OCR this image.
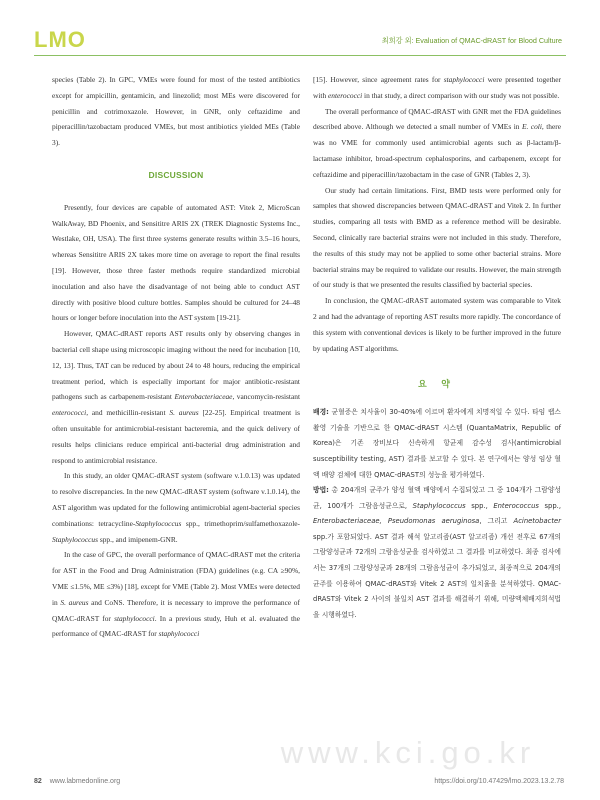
LMO	최희강 외: Evaluation of QMAC-dRAST for Blood Culture

species (Table 2). In GPC, VMEs were found for most of the tested antibiotics except for ampicillin, gentamicin, and linezolid; most MEs were discovered for penicillin and cotrimoxazole. However, in GNR, only ceftazidime and piperacillin/tazobactam produced VMEs, but most antibiotics yielded MEs (Table 3).

DISCUSSION

Presently, four devices are capable of automated AST: Vitek 2, MicroScan WalkAway, BD Phoenix, and Sensititre ARIS 2X (TREK Diagnostic Systems Inc., Westlake, OH, USA). The first three systems generate results within 3.5–16 hours, whereas Sensititre ARIS 2X takes more time on average to report the final results [19]. However, those three faster methods require standardized microbial inoculation and also have the disadvantage of not being able to conduct AST directly with positive blood culture bottles. Samples should be cultured for 24–48 hours or longer before inoculation into the AST system [19-21].

However, QMAC-dRAST reports AST results only by observing changes in bacterial cell shape using microscopic imaging without the need for incubation [10, 12, 13]. Thus, TAT can be reduced by about 24 to 48 hours, reducing the empirical treatment period, which is especially important for major antibiotic-resistant pathogens such as carbapenem-resistant Enterobacteriaceae, vancomycin-resistant enterococci, and methicillin-resistant S. aureus [22-25]. Empirical treatment is often unsuitable for antimicrobial-resistant bacteremia, and the quick delivery of results helps clinicians reduce empirical anti-bacterial drug administration and respond to antimicrobial resistance.

In this study, an older QMAC-dRAST system (software v.1.0.13) was updated to resolve discrepancies. In the new QMAC-dRAST system (software v.1.0.14), the AST algorithm was updated for the following antimicrobial agent-bacterial species combinations: tetracycline-Staphylococcus spp., trimethoprim/sulfamethoxazole-Staphylococcus spp., and imipenem-GNR.

In the case of GPC, the overall performance of QMAC-dRAST met the criteria for AST in the Food and Drug Administration (FDA) guidelines (e.g. CA ≥90%, VME ≤1.5%, ME ≤3%) [18], except for VME (Table 2). Most VMEs were detected in S. aureus and CoNS. Therefore, it is necessary to improve the performance of QMAC-dRAST for staphylococci. In a previous study, Huh et al. evaluated the performance of QMAC-dRAST for staphylococci

[15]. However, since agreement rates for staphylococci were presented together with enterococci in that study, a direct comparison with our study was not possible.

The overall performance of QMAC-dRAST with GNR met the FDA guidelines described above. Although we detected a small number of VMEs in E. coli, there was no VME for commonly used antimicrobial agents such as β-lactam/β-lactamase inhibitor, broad-spectrum cephalosporins, and carbapenem, except for ceftazidime and piperacillin/tazobactam in the case of GNR (Tables 2, 3).

Our study had certain limitations. First, BMD tests were performed only for samples that showed discrepancies between QMAC-dRAST and Vitek 2. In further studies, comparing all tests with BMD as a reference method will be desirable. Second, clinically rare bacterial strains were not included in this study. Therefore, the results of this study may not be applied to some other bacterial strains. More bacterial strains may be required to validate our results. However, the main strength of our study is that we presented the results classified by bacterial species.

In conclusion, the QMAC-dRAST automated system was comparable to Vitek 2 and had the advantage of reporting AST results more rapidly. The concordance of this system with conventional devices is likely to be further improved in the future by updating AST algorithms.

요 약

배경: 균혈증은 치사율이 30-40%에 이르며 환자에게 치명적일 수 있다. 타임 랩스 촬영 기술을 기반으로 한 QMAC-dRAST 시스템 (QuantaMatrix, Republic of Korea)은 기존 장비보다 신속하게 항균제 감수성 검사(antimicrobial susceptibility testing, AST) 결과를 보고할 수 있다. 본 연구에서는 양성 임상 혈액 배양 검체에 대한 QMAC-dRAST의 성능을 평가하였다.

방법: 총 204개의 균주가 양성 혈액 배양에서 수집되었고 그 중 104개가 그람양성균, 100개가 그람음성균으로, Staphylococcus spp., Enterococcus spp., Enterobacteriaceae, Pseudomonas aeruginosa, 그리고 Acinetobacter spp.가 포함되었다. AST 결과 해석 알고리즘(AST 알고리즘) 개선 전후로 67개의 그람양성균과 72개의 그람음성균을 검사하였고 그 결과를 비교하였다. 최종 검사에서는 37개의 그람양성균과 28개의 그람음성균이 추가되었고, 최종적으로 204개의 균주를 이용하여 QMAC-dRAST와 Vitek 2 AST의 일치율을 분석하였다. QMAC-dRAST와 Vitek 2 사이의 불일치 AST 결과를 해결하기 위해, 미량액체배지희석법을 시행하였다.

www.kci.go.kr
82 www.labmedonline.org	https://doi.org/10.47429/lmo.2023.13.2.78
